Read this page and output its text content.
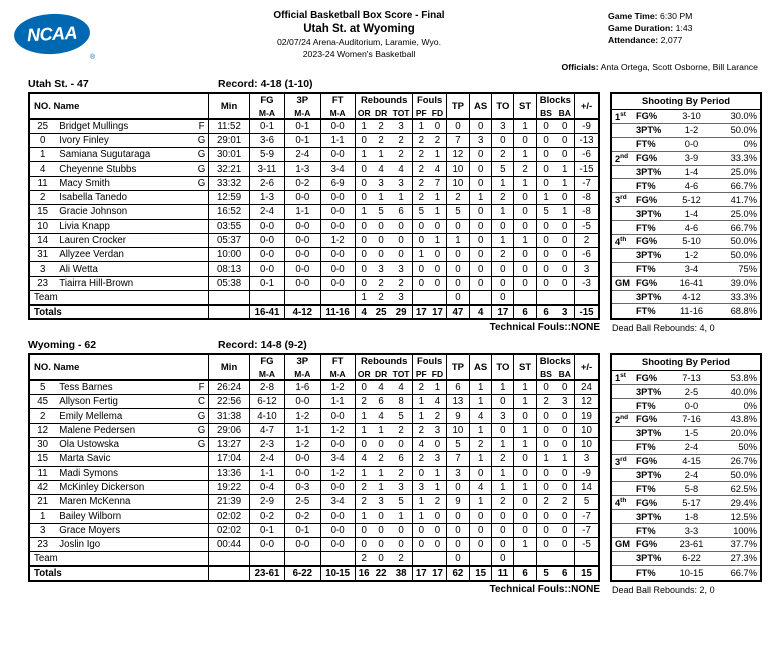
NCAA
®
Official Basketball Box Score - Final
Utah St. at Wyoming
02/07/24 Arena-Auditorium, Laramie, Wyo.
2023-24 Women's Basketball
Game Time: 6:30 PM
Game Duration: 1:43
Attendance: 2,077
Officials: Anta Ortega, Scott Osborne, Bill Larance
Utah St. - 47	Record: 4-18 (1-10)
NO. Name			Min	FG	3P	FT	Rebounds			Fouls		TP	AS	TO	ST	Blocks		+/-
				M-A	M-A	M-A	OR	DR	TOT	PF	FD					BS	BA	
25	Bridget Mullings	F	11:52	0-1	0-1	0-0	1	2	3	1	0	0	0	3	1	0	0	-9
0	Ivory Finley	G	29:01	3-6	0-1	1-1	0	2	2	2	2	7	3	0	0	0	0	-13
1	Samiana Sugutaraga	G	30:01	5-9	2-4	0-0	1	1	2	2	1	12	0	2	1	0	0	-6
4	Cheyenne Stubbs	G	32:21	3-11	1-3	3-4	0	4	4	2	4	10	0	5	2	0	1	-15
11	Macy Smith	G	33:32	2-6	0-2	6-9	0	3	3	2	7	10	0	1	1	0	1	-7
2	Isabella Tanedo		12:59	1-3	0-0	0-0	0	1	1	2	1	2	1	2	0	1	0	-8
15	Gracie Johnson		16:52	2-4	1-1	0-0	1	5	6	5	1	5	0	1	0	5	1	-8
10	Livia Knapp		03:55	0-0	0-0	0-0	0	0	0	0	0	0	0	0	0	0	0	-5
14	Lauren Crocker		05:37	0-0	0-0	1-2	0	0	0	0	1	1	0	1	1	0	0	2
31	Allyzee Verdan		10:00	0-0	0-0	0-0	0	0	0	1	0	0	0	2	0	0	0	-6
3	Ali Wetta		08:13	0-0	0-0	0-0	0	3	3	0	0	0	0	0	0	0	0	3
23	Tiairra Hill-Brown		05:38	0-1	0-0	0-0	0	2	2	0	0	0	0	0	0	0	0	-3
Team							1	2	3			0		0				
Totals				16-41	4-12	11-16	4	25	29	17	17	47	4	17	6	6	3	-15
Technical Fouls::NONE
Shooting By Period
1st	FG%	3-10	30.0%
3PT%	1-2	50.0%
FT%	0-0	0%
2nd FG%	3-9	33.3%
3PT%	1-4	25.0%
FT%	4-6	66.7%
3rd	FG%	5-12	41.7%
3PT%	1-4	25.0%
FT%	4-6	66.7%
4th	FG%	5-10	50.0%
3PT%	1-2	50.0%
FT%	3-4	75%
GM FG%	16-41	39.0%
3PT%	4-12	33.3%
FT%	11-16	68.8%
Dead Ball Rebounds: 4, 0
Wyoming - 62	Record: 14-8 (9-2)
NO. Name			Min	FG	3P	FT	Rebounds			Fouls		TP	AS	TO	ST	Blocks		+/-
				M-A	M-A	M-A	OR	DR	TOT	PF	FD					BS	BA	
5	Tess Barnes	F	26:24	2-8	1-6	1-2	0	4	4	2	1	6	1	1	1	0	0	24
45	Allyson Fertig	C	22:56	6-12	0-0	1-1	2	6	8	1	4	13	1	0	1	2	3	12
2	Emily Mellema	G	31:38	4-10	1-2	0-0	1	4	5	1	2	9	4	3	0	0	0	19
12	Malene Pedersen	G	29:06	4-7	1-1	1-2	1	1	2	2	3	10	1	0	1	0	0	10
30	Ola Ustowska	G	13:27	2-3	1-2	0-0	0	0	0	4	0	5	2	1	1	0	0	10
15	Marta Savic		17:04	2-4	0-0	3-4	4	2	6	2	3	7	1	2	0	1	1	3
11	Madi Symons		13:36	1-1	0-0	1-2	1	1	2	0	1	3	0	1	0	0	0	-9
42	McKinley Dickerson		19:22	0-4	0-3	0-0	2	1	3	3	1	0	4	1	1	0	0	14
21	Maren McKenna		21:39	2-9	2-5	3-4	2	3	5	1	2	9	1	2	0	2	2	5
1	Bailey Wilborn		02:02	0-2	0-2	0-0	1	0	1	1	0	0	0	0	0	0	0	-7
3	Grace Moyers		02:02	0-1	0-1	0-0	0	0	0	0	0	0	0	0	0	0	0	-7
23	Joslin Igo		00:44	0-0	0-0	0-0	0	0	0	0	0	0	0	0	1	0	0	-5
Team							2	0	2			0		0				
Totals				23-61	6-22	10-15	16	22	38	17	17	62	15	11	6	5	6	15
Technical Fouls::NONE
Shooting By Period
1st	FG%	7-13	53.8%
3PT%	2-5	40.0%
FT%	0-0	0%
2nd FG%	7-16	43.8%
3PT%	1-5	20.0%
FT%	2-4	50%
3rd	FG%	4-15	26.7%
3PT%	2-4	50.0%
FT%	5-8	62.5%
4th	FG%	5-17	29.4%
3PT%	1-8	12.5%
FT%	3-3	100%
GM FG%	23-61	37.7%
3PT%	6-22	27.3%
FT%	10-15	66.7%
Dead Ball Rebounds: 2, 0
